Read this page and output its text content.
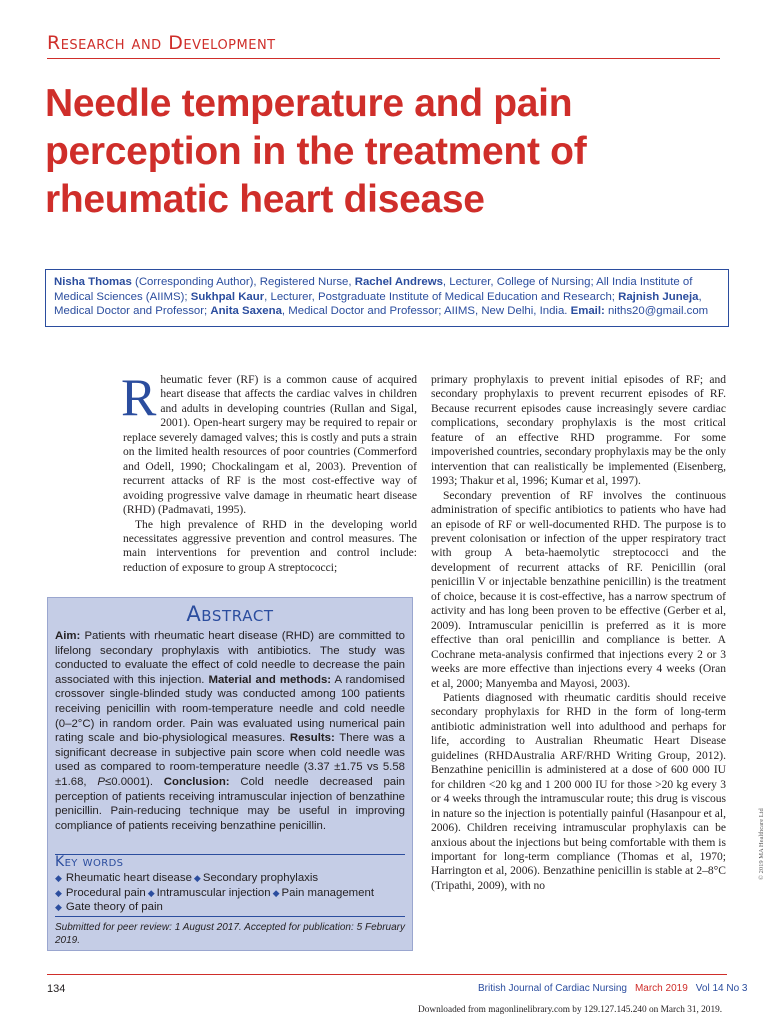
Research and Development
Needle temperature and pain perception in the treatment of rheumatic heart disease
Nisha Thomas (Corresponding Author), Registered Nurse, Rachel Andrews, Lecturer, College of Nursing; All India Institute of Medical Sciences (AIIMS); Sukhpal Kaur, Lecturer, Postgraduate Institute of Medical Education and Research; Rajnish Juneja, Medical Doctor and Professor; Anita Saxena, Medical Doctor and Professor; AIIMS, New Delhi, India. Email: niths20@gmail.com

Rheumatic fever (RF) is a common cause of acquired heart disease that affects the cardiac valves in children and adults in developing countries (Rullan and Sigal, 2001). Open-heart surgery may be required to repair or replace severely damaged valves; this is costly and puts a strain on the limited health resources of poor countries (Commerford and Odell, 1990; Chockalingam et al, 2003). Prevention of recurrent attacks of RF is the most cost-effective way of avoiding progressive valve damage in rheumatic heart disease (RHD) (Padmavati, 1995).

The high prevalence of RHD in the developing world necessitates aggressive prevention and control measures. The main interventions for prevention and control include: reduction of exposure to group A streptococci;

primary prophylaxis to prevent initial episodes of RF; and secondary prophylaxis to prevent recurrent episodes of RF. Because recurrent episodes cause increasingly severe cardiac complications, secondary prophylaxis is the most critical feature of an effective RHD programme. For some impoverished countries, secondary prophylaxis may be the only intervention that can realistically be implemented (Eisenberg, 1993; Thakur et al, 1996; Kumar et al, 1997).

Secondary prevention of RF involves the continuous administration of specific antibiotics to patients who have had an episode of RF or well-documented RHD. The purpose is to prevent colonisation or infection of the upper respiratory tract with group A beta-haemolytic streptococci and the development of recurrent attacks of RF. Penicillin (oral penicillin V or injectable benzathine penicillin) is the treatment of choice, because it is cost-effective, has a narrow spectrum of activity and has long been proven to be effective (Gerber et al, 2009). Intramuscular penicillin is preferred as it is more effective than oral penicillin and compliance is better. A Cochrane meta-analysis confirmed that injections every 2 or 3 weeks are more effective than injections every 4 weeks (Oran et al, 2000; Manyemba and Mayosi, 2003).

Patients diagnosed with rheumatic carditis should receive secondary prophylaxis for RHD in the form of long-term antibiotic administration well into adulthood and perhaps for life, according to Australian Rheumatic Heart Disease guidelines (RHDAustralia ARF/RHD Writing Group, 2012). Benzathine penicillin is administered at a dose of 600 000 IU for children <20 kg and 1 200 000 IU for those >20 kg every 3 or 4 weeks through the intramuscular route; this drug is viscous in nature so the injection is potentially painful (Hasanpour et al, 2006). Children receiving intramuscular prophylaxis can be anxious about the injections but being comfortable with them is important for long-term compliance (Thomas et al, 1970; Harrington et al, 2006). Benzathine penicillin is stable at 2–8°C (Tripathi, 2009), with no

Abstract
Aim: Patients with rheumatic heart disease (RHD) are committed to lifelong secondary prophylaxis with antibiotics. The study was conducted to evaluate the effect of cold needle to decrease the pain associated with this injection. Material and methods: A randomised crossover single-blinded study was conducted among 100 patients receiving penicillin with room-temperature needle and cold needle (0–2°C) in random order. Pain was evaluated using numerical pain rating scale and bio-physiological measures. Results: There was a significant decrease in subjective pain score when cold needle was used as compared to room-temperature needle (3.37 ±1.75 vs 5.58 ±1.68, P≤0.0001). Conclusion: Cold needle decreased pain perception of patients receiving intramuscular injection of benzathine penicillin. Pain-reducing technique may be useful in improving compliance of patients receiving benzathine penicillin.
Key words
◆ Rheumatic heart disease ◆ Secondary prophylaxis
◆ Procedural pain ◆ Intramuscular injection ◆ Pain management
◆ Gate theory of pain
Submitted for peer review: 1 August 2017. Accepted for publication: 5 February 2019.
134	British Journal of Cardiac Nursing March 2019 Vol 14 No 3
Downloaded from magonlinelibrary.com by 129.127.145.240 on March 31, 2019.
© 2019 MA Healthcare Ltd
